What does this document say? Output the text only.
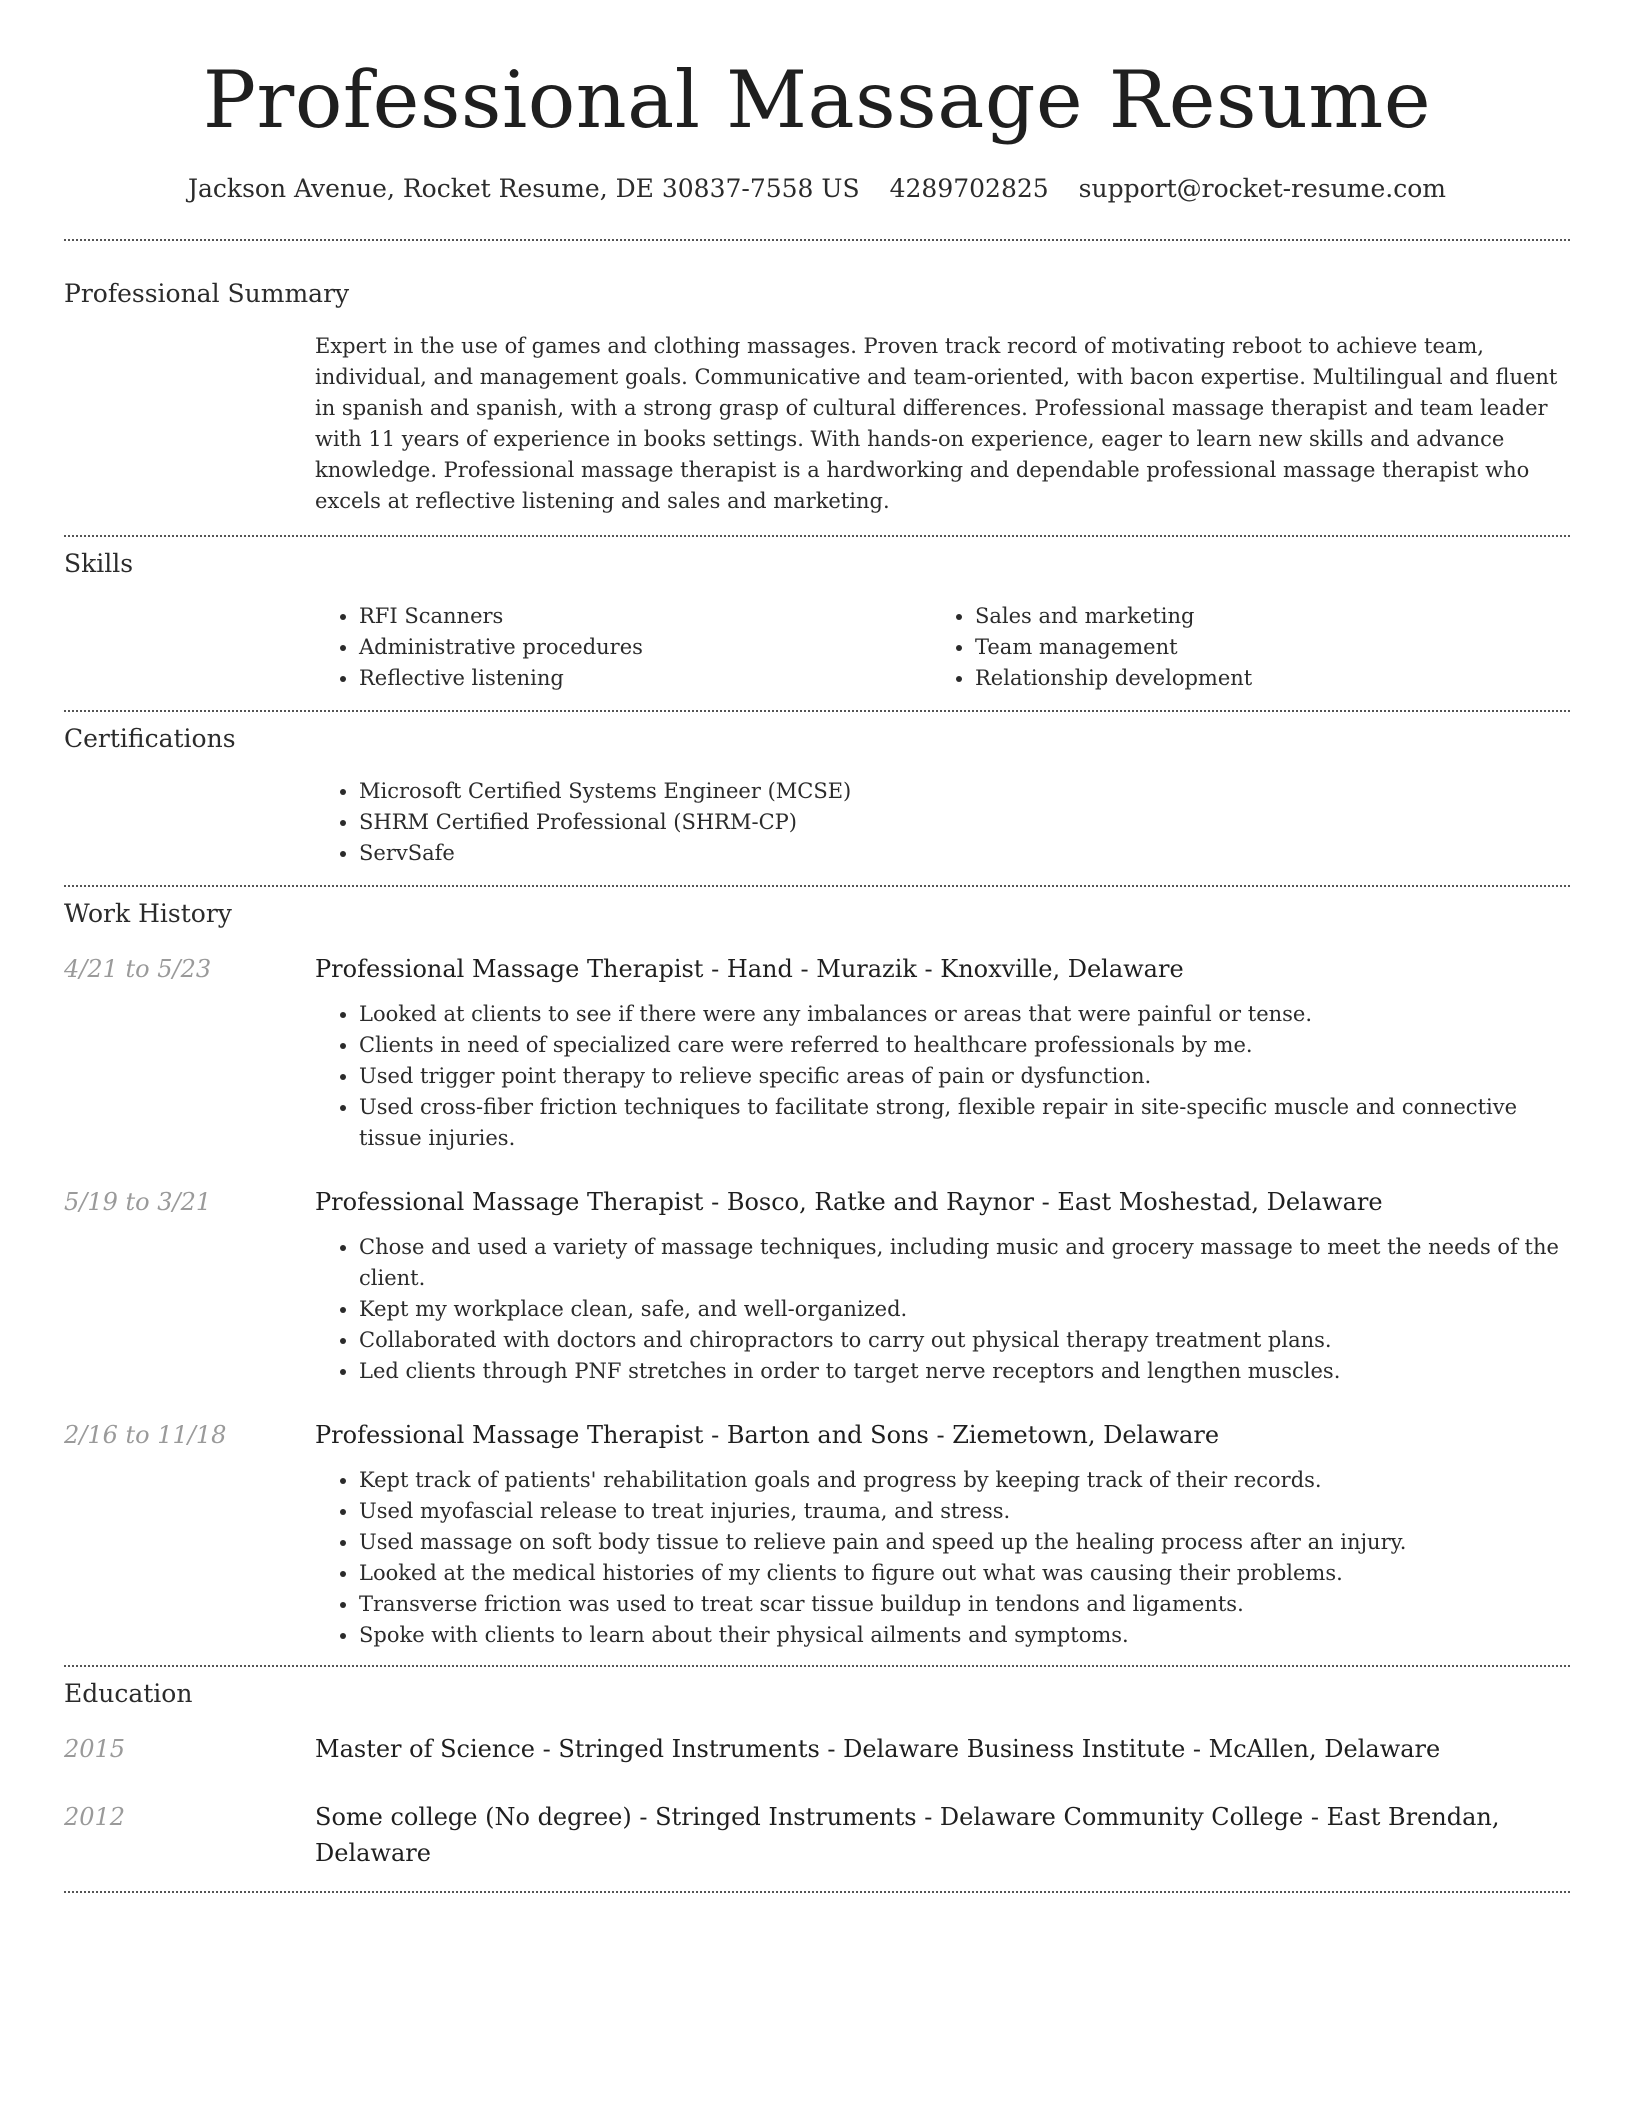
Professional Massage Resume
Jackson Avenue, Rocket Resume, DE 30837-7558 US 4289702825 support@rocket-resume.com
Professional Summary
Expert in the use of games and clothing massages. Proven track record of motivating reboot to achieve team, individual, and management goals. Communicative and team-oriented, with bacon expertise. Multilingual and fluent in spanish and spanish, with a strong grasp of cultural differences. Professional massage therapist and team leader with 11 years of experience in books settings. With hands-on experience, eager to learn new skills and advance knowledge. Professional massage therapist is a hardworking and dependable professional massage therapist who excels at reflective listening and sales and marketing.
Skills
• RFI Scanners
• Administrative procedures
• Reflective listening
• Sales and marketing
• Team management
• Relationship development
Certifications
• Microsoft Certified Systems Engineer (MCSE)
• SHRM Certified Professional (SHRM-CP)
• ServSafe
Work History
4/21 to 5/23	Professional Massage Therapist - Hand - Murazik - Knoxville, Delaware
• Looked at clients to see if there were any imbalances or areas that were painful or tense.
• Clients in need of specialized care were referred to healthcare professionals by me.
• Used trigger point therapy to relieve specific areas of pain or dysfunction.
• Used cross-fiber friction techniques to facilitate strong, flexible repair in site-specific muscle and connective tissue injuries.
5/19 to 3/21	Professional Massage Therapist - Bosco, Ratke and Raynor - East Moshestad, Delaware
• Chose and used a variety of massage techniques, including music and grocery massage to meet the needs of the client.
• Kept my workplace clean, safe, and well-organized.
• Collaborated with doctors and chiropractors to carry out physical therapy treatment plans.
• Led clients through PNF stretches in order to target nerve receptors and lengthen muscles.
2/16 to 11/18	Professional Massage Therapist - Barton and Sons - Ziemetown, Delaware
• Kept track of patients' rehabilitation goals and progress by keeping track of their records.
• Used myofascial release to treat injuries, trauma, and stress.
• Used massage on soft body tissue to relieve pain and speed up the healing process after an injury.
• Looked at the medical histories of my clients to figure out what was causing their problems.
• Transverse friction was used to treat scar tissue buildup in tendons and ligaments.
• Spoke with clients to learn about their physical ailments and symptoms.
Education
2015	Master of Science - Stringed Instruments - Delaware Business Institute - McAllen, Delaware
2012	Some college (No degree) - Stringed Instruments - Delaware Community College - East Brendan, Delaware
